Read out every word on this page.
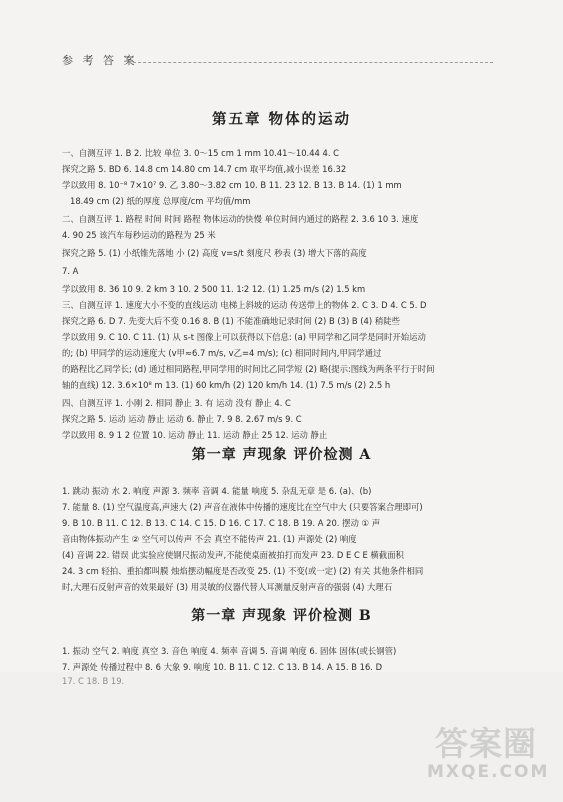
参 考 答 案
第五章 物体的运动
一、自测互评 1. B 2. 比较 单位 3. 0～15 cm 1 mm 10.41～10.44 4. C
探究之路 5. BD 6. 14.8 cm 14.80 cm 14.7 cm 取平均值,减小误差 16.32
学以致用 8. 10⁻⁸ 7×10⁷ 9. 乙 3.80～3.82 cm 10. B 11. 23 12. B 13. B 14. (1) 1 mm
18.49 cm (2) 纸的厚度 总厚度/cm 平均值/mm
二、自测互评 1. 路程 时间 时间 路程 物体运动的快慢 单位时间内通过的路程 2. 3.6 10 3. 速度
4. 90 25 该汽车每秒运动的路程为 25 米
探究之路 5. (1) 小纸锥先落地 小 (2) 高度 v=s/t 刻度尺 秒表 (3) 增大下落的高度
7. A
学以致用 8. 36 10 9. 2 km 3 10. 2 500 11. 1∶2 12. (1) 1.25 m/s (2) 1.5 km
三、自测互评 1. 速度大小不变的直线运动 电梯上斜坡的运动 传送带上的物体 2. C 3. D 4. C 5. D
探究之路 6. D 7. 先变大后不变 0.16 8. B (1) 不能准确地记录时间 (2) B (3) B (4) 稍陡些
学以致用 9. C 10. C 11. (1) 从 s-t 图像上可以获得以下信息: (a) 甲同学和乙同学是同时开始运动
的; (b) 甲同学的运动速度大 (v甲≈6.7 m/s, v乙=4 m/s); (c) 相同时间内,甲同学通过
的路程比乙同学长; (d) 通过相同路程,甲同学用的时间比乙同学短 (2) 略(提示:图线为两条平行于时间
轴的直线) 12. 3.6×10⁸ m 13. (1) 60 km/h (2) 120 km/h 14. (1) 7.5 m/s (2) 2.5 h
四、自测互评 1. 小刚 2. 相同 静止 3. 有 运动 没有 静止 4. C
探究之路 5. 运动 运动 静止 运动 6. 静止 7. 9 8. 2.67 m/s 9. C
学以致用 8. 9 1 2 位置 10. 运动 静止 11. 运动 静止 25 12. 运动 静止
第一章 声现象 评价检测 A
1. 跳动 振动 水 2. 响度 声源 3. 频率 音调 4. 能量 响度 5. 杂乱无章 是 6. (a)、(b)
7. 能量 8. (1) 空气温度高,声速大 (2) 声音在液体中传播的速度比在空气中大 (只要答案合理即可)
9. B 10. B 11. C 12. B 13. C 14. C 15. D 16. C 17. C 18. B 19. A 20. 摆动 ① 声
音由物体振动产生 ② 空气可以传声 不会 真空不能传声 21. (1) 声源处 (2) 响度
(4) 音调 22. 错误 此实验应使钢尺振动发声,不能使桌面被拍打而发声 23. D E C E 横截面积
24. 3 cm 轻拍、重拍都叫膜 烛焰摆动幅度是否改变 25. (1) 不变(或一定) (2) 有关 其他条件相同
时,大理石反射声音的效果最好 (3) 用灵敏的仪器代替人耳测量反射声音的强弱 (4) 大理石
第一章 声现象 评价检测 B
1. 振动 空气 2. 响度 真空 3. 音色 响度 4. 频率 音调 5. 音调 响度 6. 固体 固体(或长钢管)
7. 声源处 传播过程中 8. 6 大象 9. 响度 10. B 11. C 12. C 13. B 14. A 15. B 16. D
17. C 18. B 19.
答案圈
MXQE.COM
